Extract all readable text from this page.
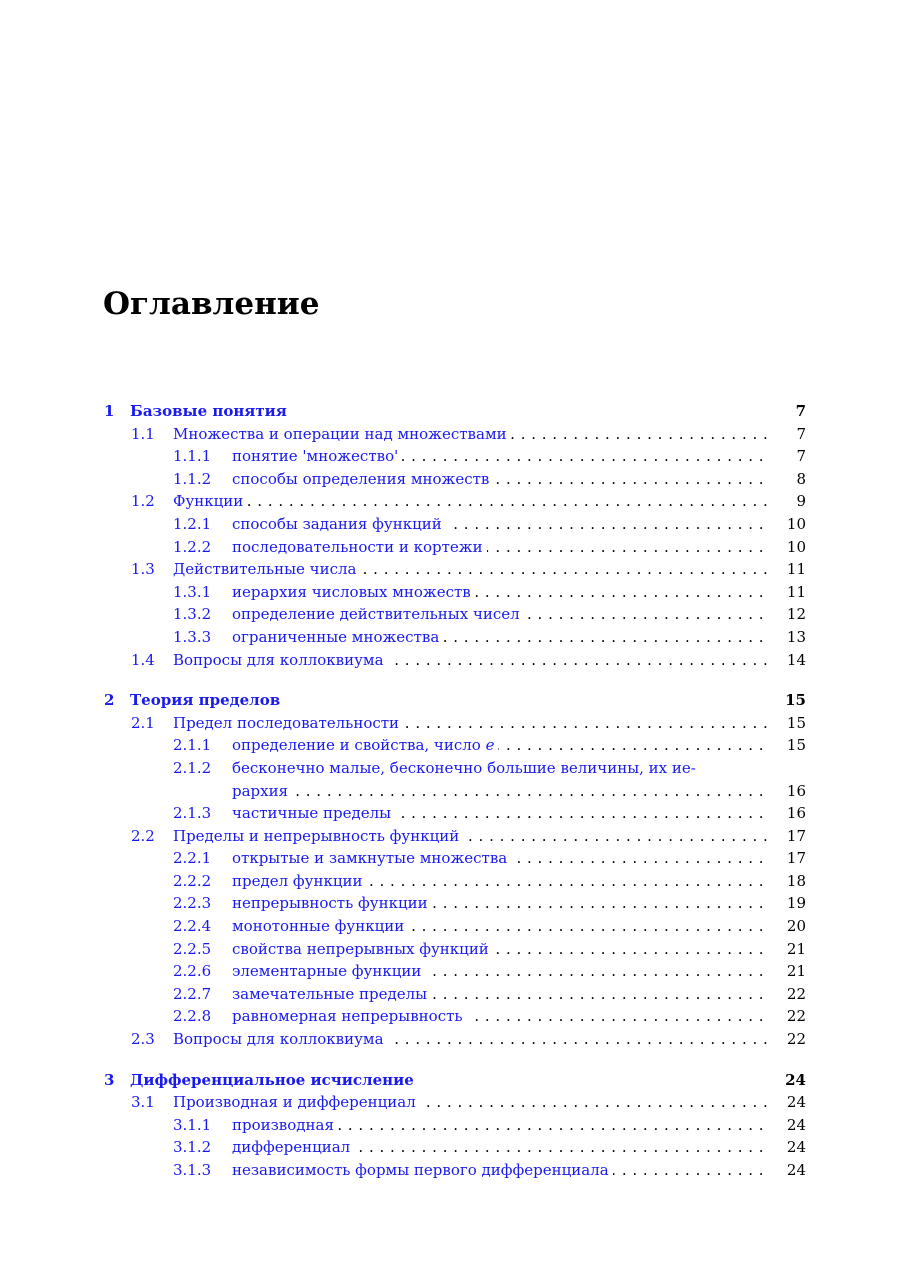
Оглавление
1 Базовые понятия	7
1.1 Множества и операции над множествами . . .	7
1.1.1 понятие 'множество' . . .	7
1.1.2 способы определения множеств . . .	8
1.2 Функции . . .	9
1.2.1 способы задания функций . . .	10
1.2.2 последовательности и кортежи . . .	10
1.3 Действительные числа . . .	11
1.3.1 иерархия числовых множеств . . .	11
1.3.2 определение действительных чисел . . .	12
1.3.3 ограниченные множества . . .	13
1.4 Вопросы для коллоквиума . . .	14
2 Теория пределов	15
2.1 Предел последовательности . . .	15
2.1.1 определение и свойства, число e . . .	15
2.1.2 бесконечно малые, бесконечно большие величины, их ие-
рархия . . .	16
2.1.3 частичные пределы . . .	16
2.2 Пределы и непрерывность функций . . .	17
2.2.1 открытые и замкнутые множества . . .	17
2.2.2 предел функции . . .	18
2.2.3 непрерывность функции . . .	19
2.2.4 монотонные функции . . .	20
2.2.5 свойства непрерывных функций . . .	21
2.2.6 элементарные функции . . .	21
2.2.7 замечательные пределы . . .	22
2.2.8 равномерная непрерывность . . .	22
2.3 Вопросы для коллоквиума . . .	22
3 Дифференциальное исчисление	24
3.1 Производная и дифференциал . . .	24
3.1.1 производная . . .	24
3.1.2 дифференциал . . .	24
3.1.3 независимость формы первого дифференциала . . .	24
